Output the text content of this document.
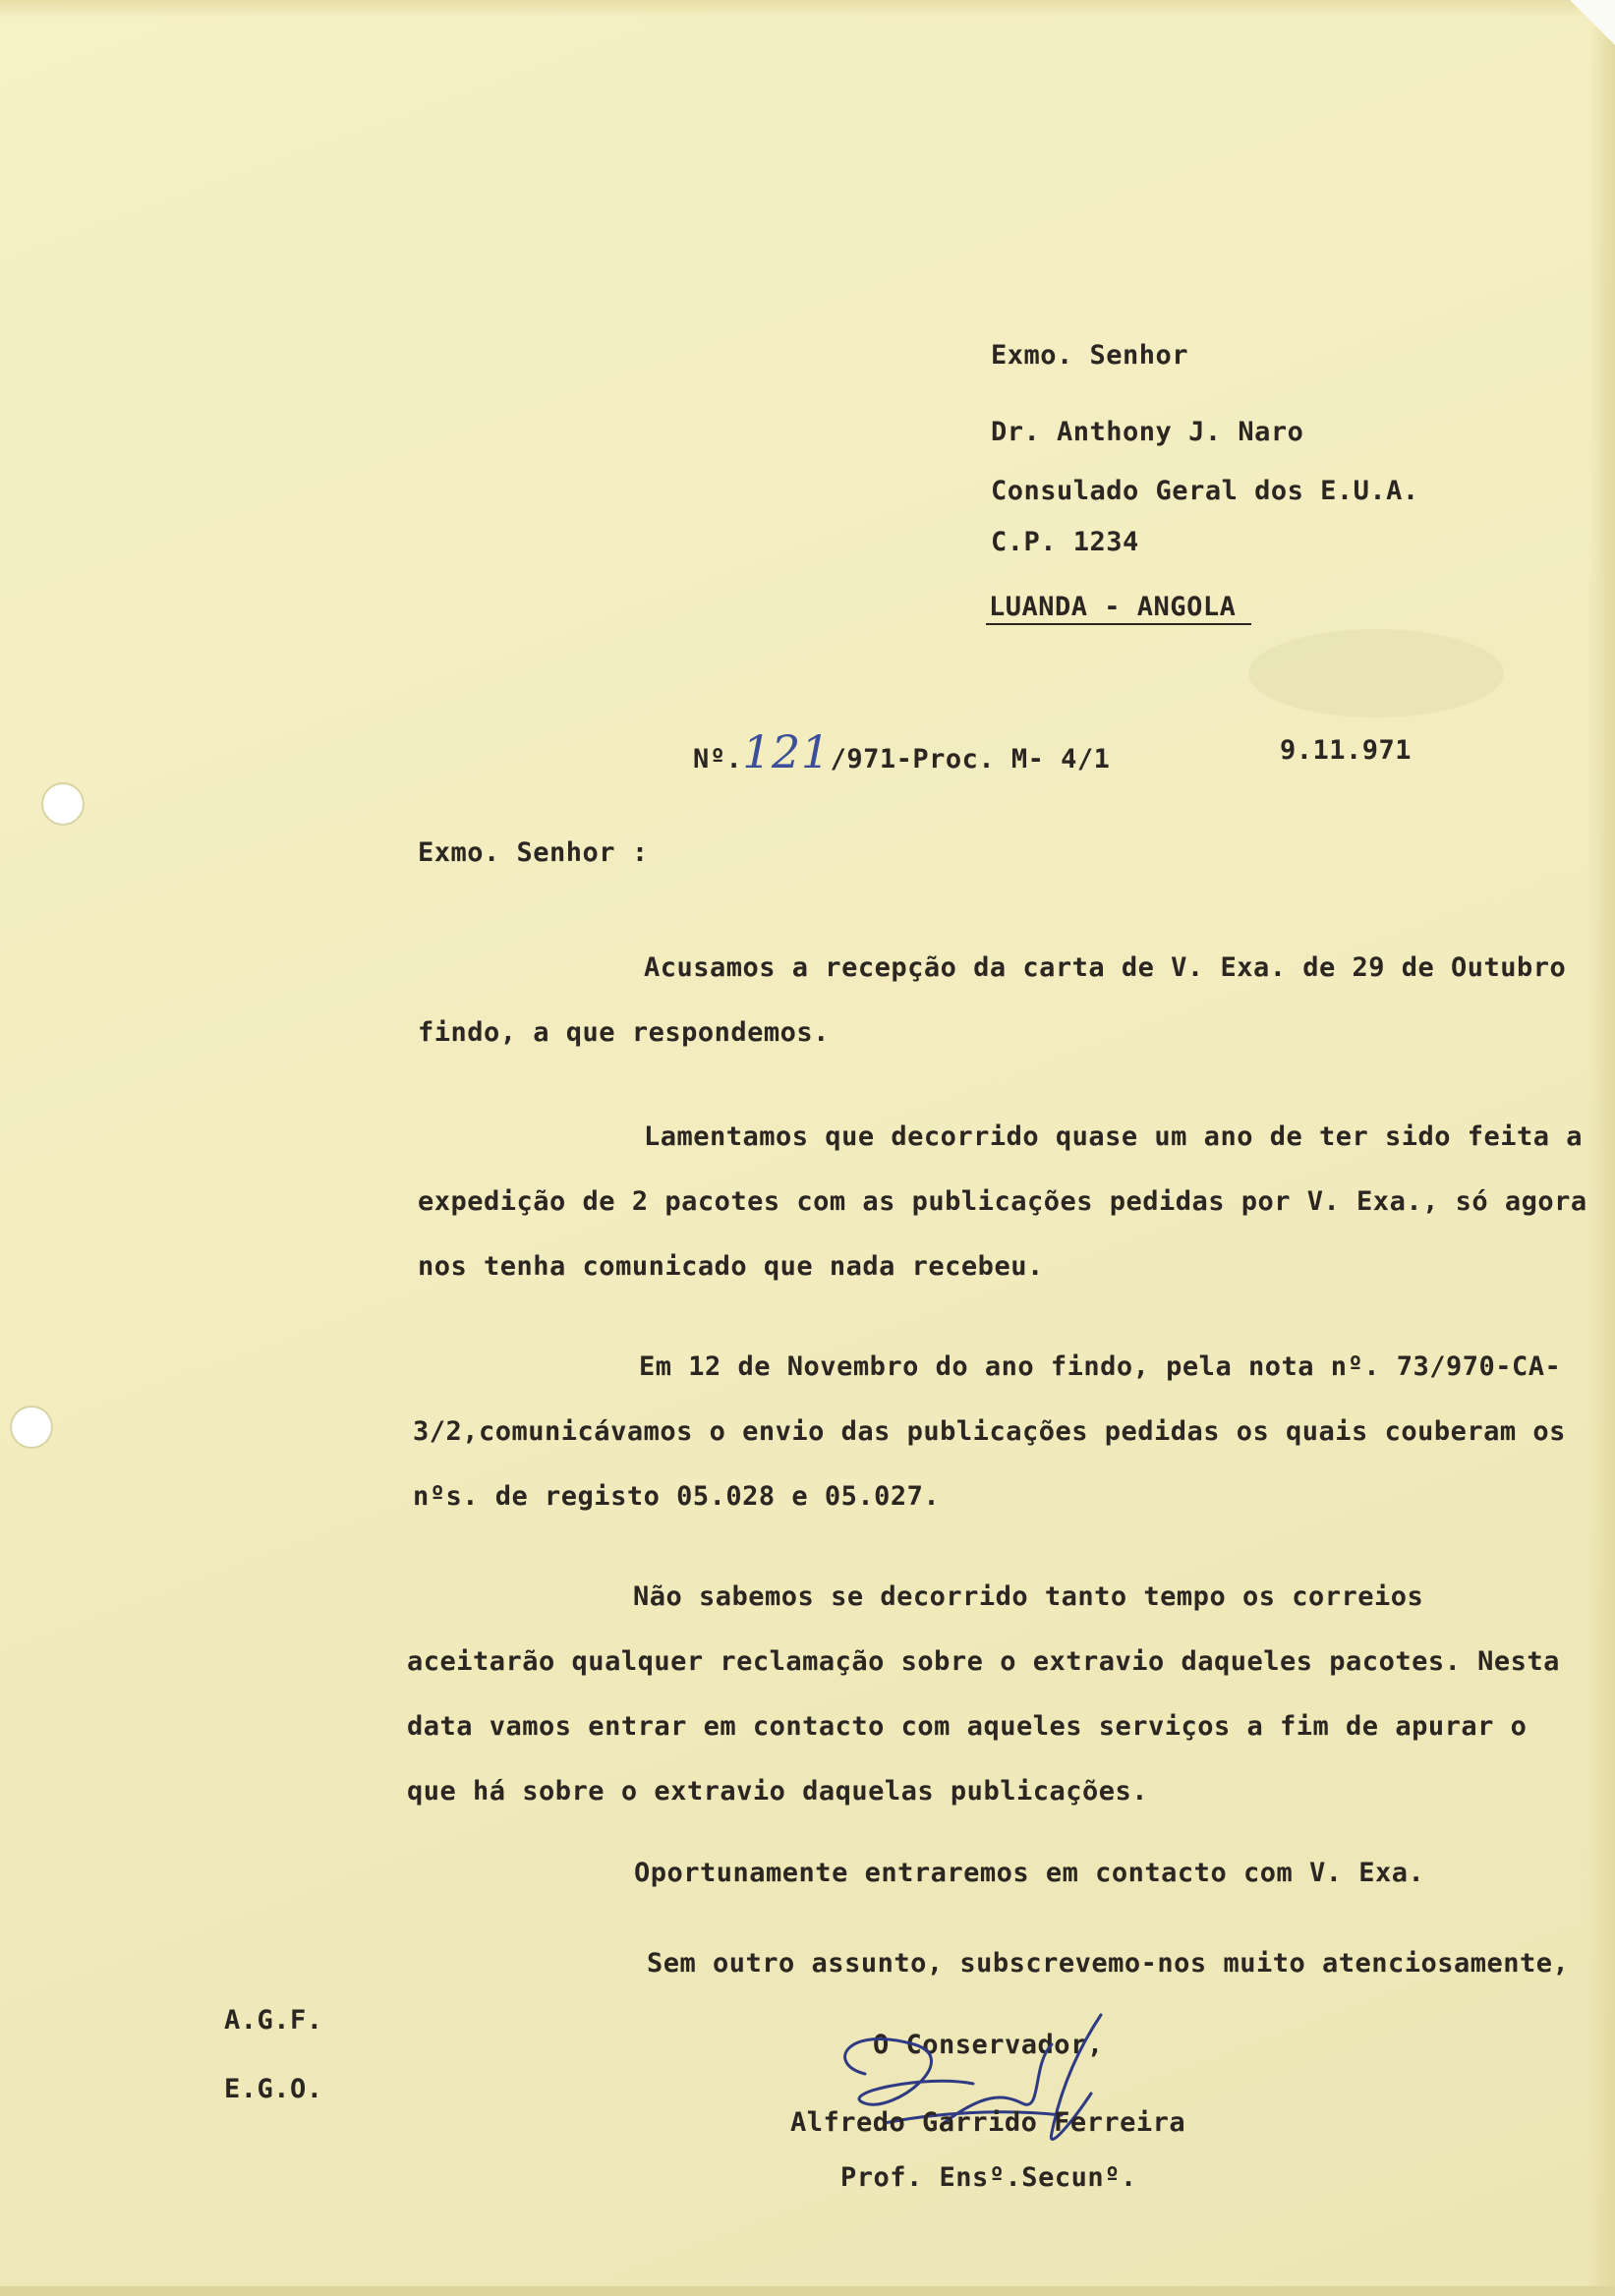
Exmo. Senhor
Dr. Anthony J. Naro
Consulado Geral dos E.U.A.
C.P. 1234
LUANDA - ANGOLA
Nº.121/971-Proc. M- 4/1	9.11.971
Exmo. Senhor :
Acusamos a recepção da carta de V. Exa. de 29 de Outubro findo, a que respondemos.
Lamentamos que decorrido quase um ano de ter sido feita a expedição de 2 pacotes com as publicações pedidas por V. Exa., só agora nos tenha comunicado que nada recebeu.
Em 12 de Novembro do ano findo, pela nota nº. 73/970-CA-3/2,comunicávamos o envio das publicações pedidas os quais couberam os nºs. de registo 05.028 e 05.027.
Não sabemos se decorrido tanto tempo os correios aceitarão qualquer reclamação sobre o extravio daqueles pacotes. Nesta data vamos entrar em contacto com aqueles serviços a fim de apurar o que há sobre o extravio daquelas publicações.
Oportunamente entraremos em contacto com V. Exa.
Sem outro assunto, subscrevemo-nos muito atenciosamente,
A.G.F.
E.G.O.
O Conservador,
Alfredo Garrido Ferreira
Prof. Ensº.Secunº.
